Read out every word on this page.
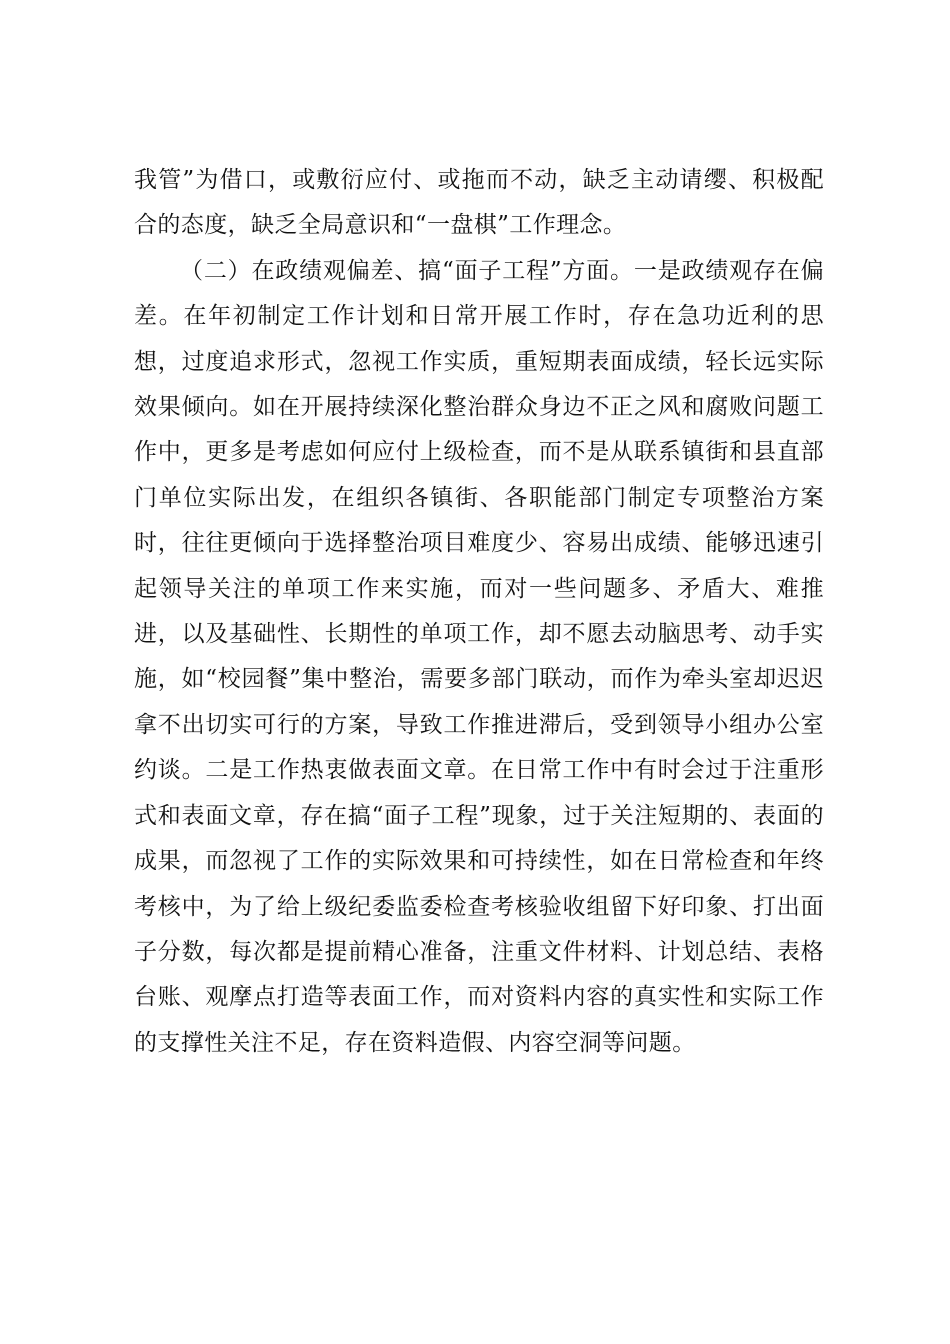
我管”为借口，或敷衍应付、或拖而不动，缺乏主动请缨、积极配合的态度，缺乏全局意识和“一盘棋”工作理念。

（二）在政绩观偏差、搞“面子工程”方面。一是政绩观存在偏差。在年初制定工作计划和日常开展工作时，存在急功近利的思想，过度追求形式，忽视工作实质，重短期表面成绩，轻长远实际效果倾向。如在开展持续深化整治群众身边不正之风和腐败问题工作中，更多是考虑如何应付上级检查，而不是从联系镇街和县直部门单位实际出发，在组织各镇街、各职能部门制定专项整治方案时，往往更倾向于选择整治项目难度少、容易出成绩、能够迅速引起领导关注的单项工作来实施，而对一些问题多、矛盾大、难推进，以及基础性、长期性的单项工作，却不愿去动脑思考、动手实施，如“校园餐”集中整治，需要多部门联动，而作为牵头室却迟迟拿不出切实可行的方案，导致工作推进滞后，受到领导小组办公室约谈。二是工作热衷做表面文章。在日常工作中有时会过于注重形式和表面文章，存在搞“面子工程”现象，过于关注短期的、表面的成果，而忽视了工作的实际效果和可持续性，如在日常检查和年终考核中，为了给上级纪委监委检查考核验收组留下好印象、打出面子分数，每次都是提前精心准备，注重文件材料、计划总结、表格台账、观摩点打造等表面工作，而对资料内容的真实性和实际工作的支撑性关注不足，存在资料造假、内容空洞等问题。
